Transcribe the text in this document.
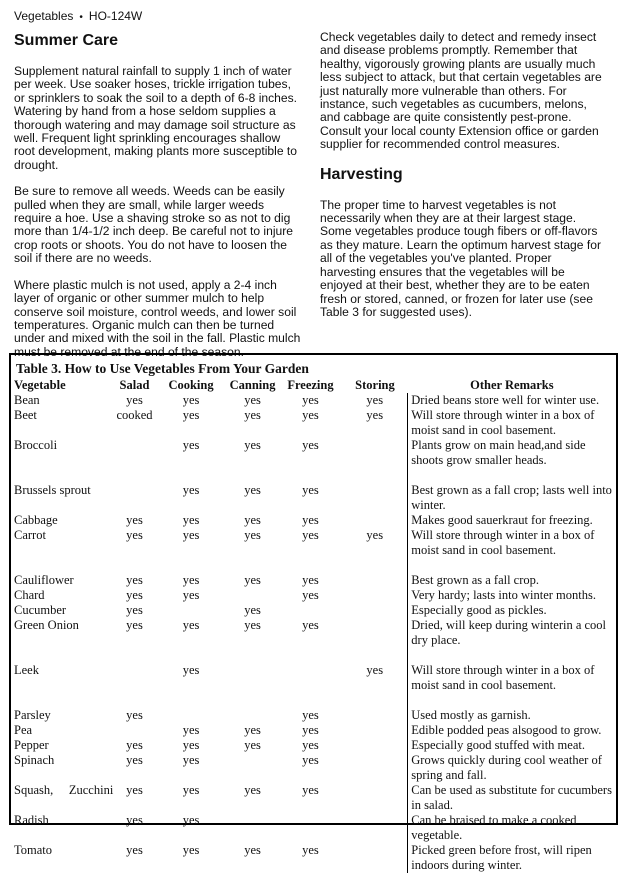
Vegetables • HO-124W
Summer Care

Supplement natural rainfall to supply 1 inch of water per week. Use soaker hoses, trickle irrigation tubes, or sprinklers to soak the soil to a depth of 6-8 inches. Watering by hand from a hose seldom supplies a thorough watering and may damage soil structure as well. Frequent light sprinkling encourages shallow root development, making plants more susceptible to drought.

Be sure to remove all weeds. Weeds can be easily pulled when they are small, while larger weeds require a hoe. Use a shaving stroke so as not to dig more than 1/4-1/2 inch deep. Be careful not to injure crop roots or shoots. You do not have to loosen the soil if there are no weeds.

Where plastic mulch is not used, apply a 2-4 inch layer of organic or other summer mulch to help conserve soil moisture, control weeds, and lower soil temperatures. Organic mulch can then be turned under and mixed with the soil in the fall. Plastic mulch must be removed at the end of the season.

Check vegetables daily to detect and remedy insect and disease problems promptly. Remember that healthy, vigorously growing plants are usually much less subject to attack, but that certain vegetables are just naturally more vulnerable than others. For instance, such vegetables as cucumbers, melons, and cabbage are quite consistently pest-prone. Consult your local county Extension office or garden supplier for recommended control measures.

Harvesting

The proper time to harvest vegetables is not necessarily when they are at their largest stage. Some vegetables produce tough fibers or off-flavors as they mature. Learn the optimum harvest stage for all of the vegetables you've planted. Proper harvesting ensures that the vegetables will be enjoyed at their best, whether they are to be eaten fresh or stored, canned, or frozen for later use (see Table 3 for suggested uses).

Table 3. How to Use Vegetables From Your Garden
Vegetable	Salad	Cooking	Canning	Freezing	Storing	Other Remarks
Bean	yes	yes	yes	yes	yes	Dried beans store well for winter use.
Beet	cooked	yes	yes	yes	yes	Will store through winter in a box of moist sand in cool basement.
Broccoli		yes	yes	yes		Plants grow on main head,and side shoots grow smaller heads.

Brussels sprout		yes	yes	yes		Best grown as a fall crop; lasts well into winter.
Cabbage	yes	yes	yes	yes		Makes good sauerkraut for freezing.
Carrot	yes	yes	yes	yes	yes	Will store through winter in a box of moist sand in cool basement.

Cauliflower	yes	yes	yes	yes		Best grown as a fall crop.
Chard	yes	yes		yes		Very hardy; lasts into winter months.
Cucumber	yes		yes			Especially good as pickles.
Green Onion	yes	yes	yes	yes		Dried, will keep during winterin a cool dry place.

Leek		yes			yes	Will store through winter in a box of moist sand in cool basement.

Parsley	yes			yes		Used mostly as garnish.
Pea		yes	yes	yes		Edible podded peas alsogood to grow.
Pepper	yes	yes	yes	yes		Especially good stuffed with meat.
Spinach	yes	yes		yes		Grows quickly during cool weather of spring and fall.
Squash,     Zucchini	yes	yes	yes	yes		Can be used as substitute for cucumbers in salad.
Radish	yes	yes				Can be braised to make a cooked vegetable.
Tomato	yes	yes	yes	yes		Picked green before frost, will ripen indoors during winter.
